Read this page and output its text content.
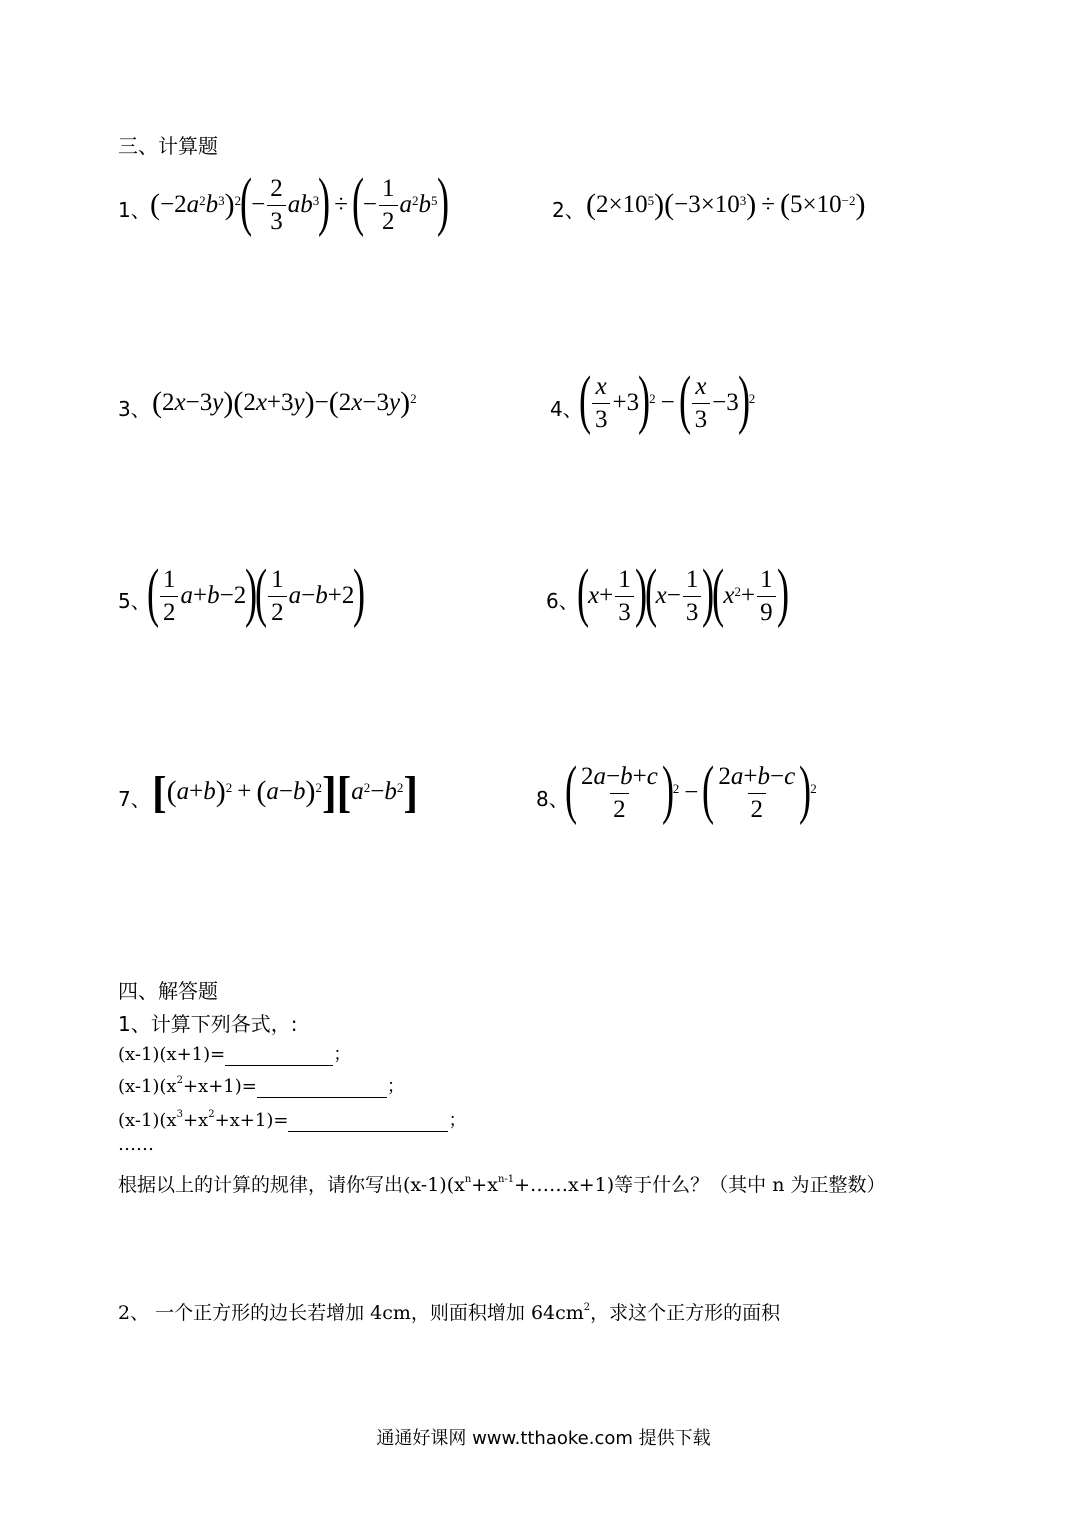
三、计算题
1、 ( −2 $a^2$ $b^3$ )$^2$
(
− $\frac{2}{3} ab^3$
) ÷ (
− $\frac{1}{2} a^2$ $b^5$
)	2、 ( $2\times 10^5$ )( $-3\times 10^3$ ) ÷ ( $5\times 10^{-2}$ )
3、 ( 2 x −3 y )( 2 x +3 y ) − ( 2 x −3 y )$^2$	4、
( $\frac{x}{3} +3$
)
$^2$ − ( $\frac{x}{3} -3$
)
$^2$
5、
( $\frac{1}{2}$ a + b −2
)
( $\frac{1}{2}$ a − b +2
)	6、
(
$x + \frac{1}{3}$ )
(
$x - \frac{1}{3}$ )
(
$x^2 + \frac{1}{9}$ )
7、 [ ( a + b )$^2$ + ( a − b )$^2$ ][ $a^2 - b^2$ ]	8、
( $\frac{2a-b+c}{2}$ )
$^2$ − ( $\frac{2a+b-c}{2}$ )
$^2$
四、解答题
1、计算下列各式，:
(x-1)(x+1)=	；
$(x-1)(x^2+x+1)=$	；
$(x-1)(x^3+x^2+x+1)=$	；
……
根据以上的计算的规律，请你写出$(x-1)(x^n+x^{n-1}+\dots\dots x+1)$等于什么？（其中 n 为正整数）
2、 一个正方形的边长若增加 4cm，则面积增加 $64cm^2$，求这个正方形的面积
通通好课网 www.tthaoke.com 提供下载
